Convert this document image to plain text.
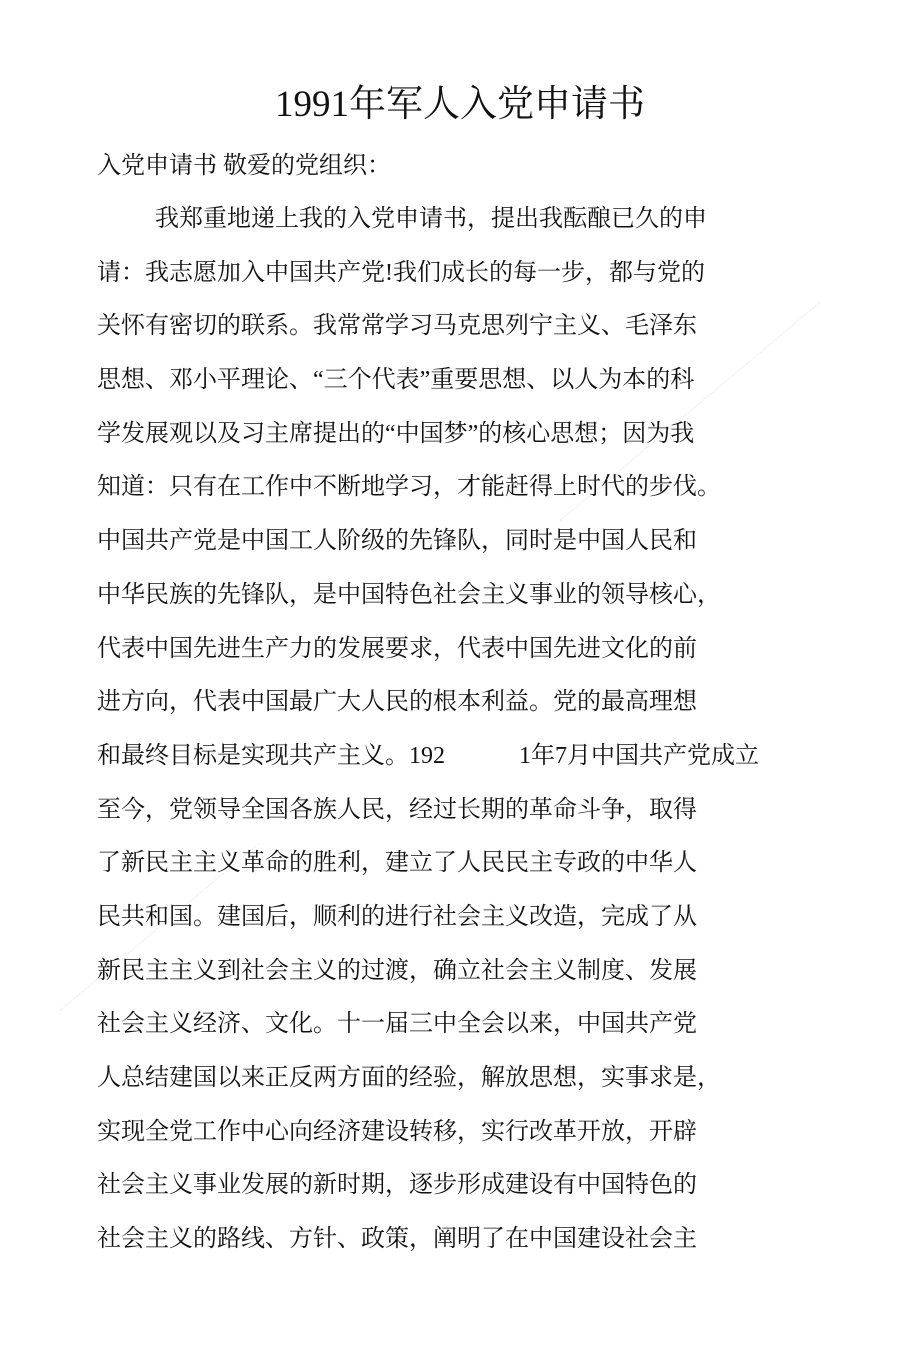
1991年军人入党申请书
入党申请书 敬爱的党组织：
我郑重地递上我的入党申请书，提出我酝酿已久的申
请：我志愿加入中国共产党!我们成长的每一步，都与党的
关怀有密切的联系。我常常学习马克思列宁主义、毛泽东
思想、邓小平理论、“三个代表”重要思想、以人为本的科
学发展观以及习主席提出的“中国梦”的核心思想；因为我
知道：只有在工作中不断地学习，才能赶得上时代的步伐。
中国共产党是中国工人阶级的先锋队，同时是中国人民和
中华民族的先锋队，是中国特色社会主义事业的领导核心，
代表中国先进生产力的发展要求，代表中国先进文化的前
进方向，代表中国最广大人民的根本利益。党的最高理想
和最终目标是实现共产主义。192	1年7月中国共产党成立
至今，党领导全国各族人民，经过长期的革命斗争，取得
了新民主主义革命的胜利，建立了人民民主专政的中华人
民共和国。建国后，顺利的进行社会主义改造，完成了从
新民主主义到社会主义的过渡，确立社会主义制度、发展
社会主义经济、文化。十一届三中全会以来，中国共产党
人总结建国以来正反两方面的经验，解放思想，实事求是，
实现全党工作中心向经济建设转移，实行改革开放，开辟
社会主义事业发展的新时期，逐步形成建设有中国特色的
社会主义的路线、方针、政策，阐明了在中国建设社会主
